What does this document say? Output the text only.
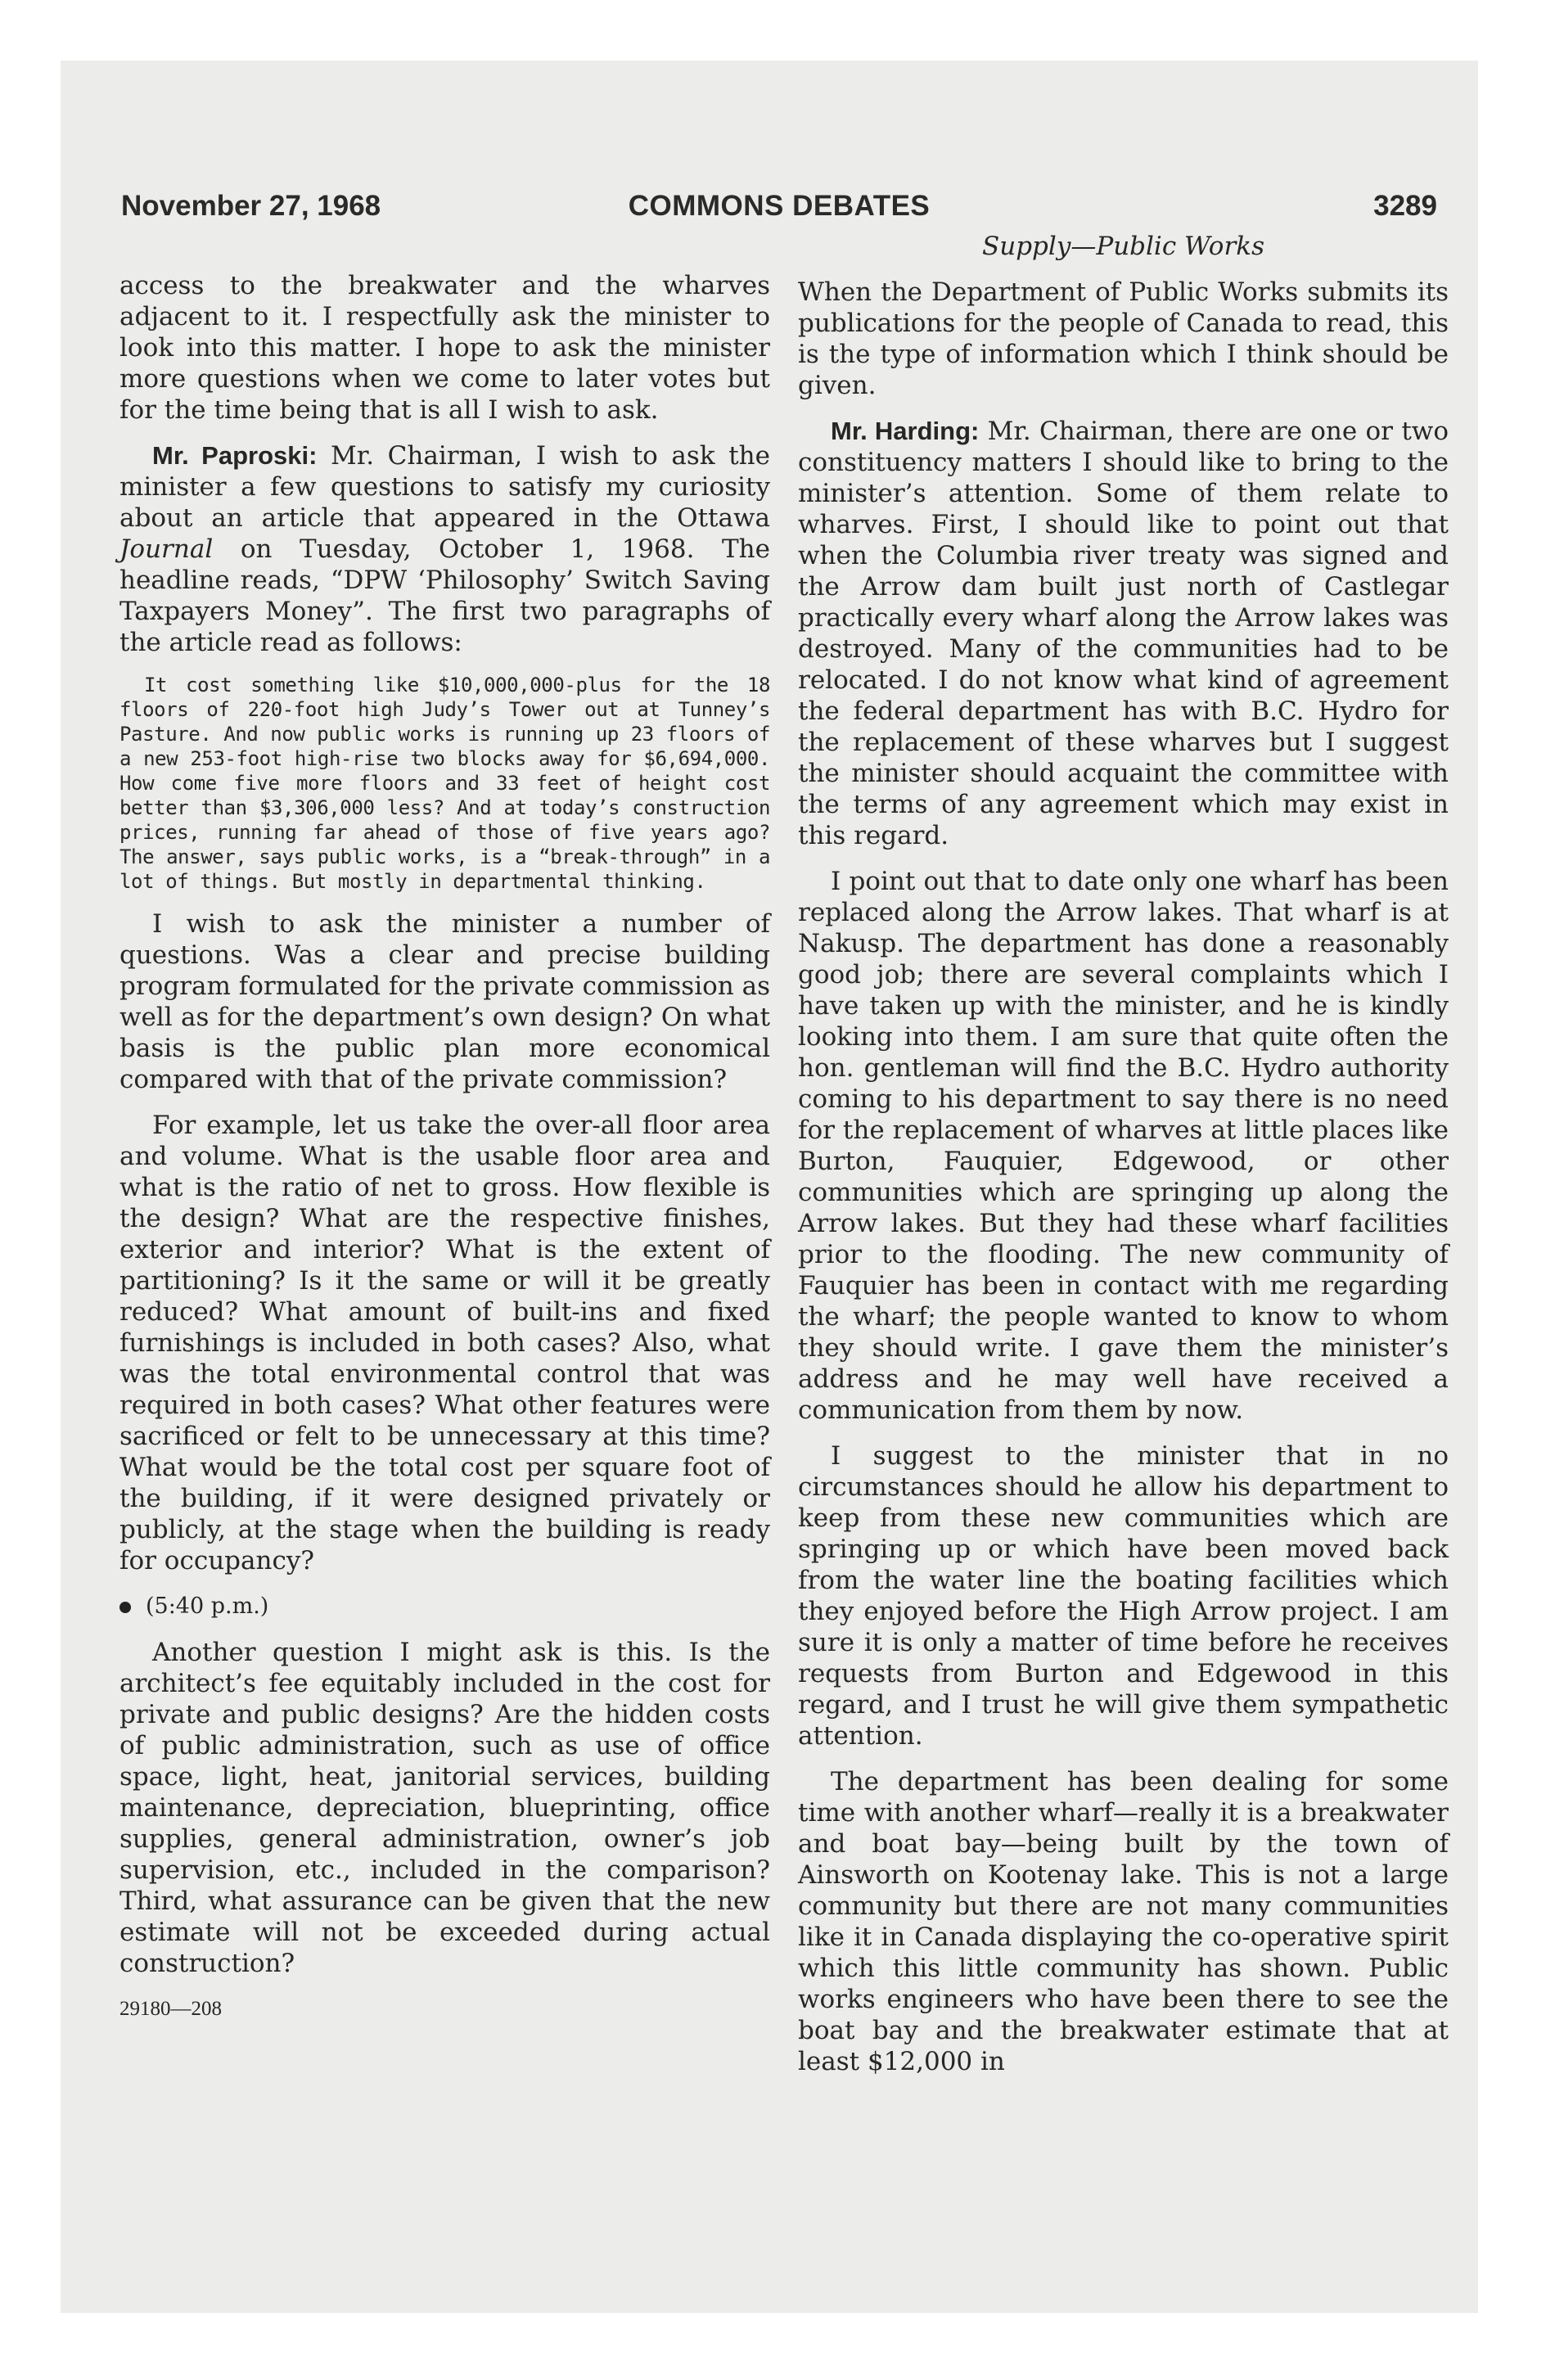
November 27, 1968	COMMONS DEBATES	3289

access to the breakwater and the wharves adjacent to it. I respectfully ask the minister to look into this matter. I hope to ask the minister more questions when we come to later votes but for the time being that is all I wish to ask.

Mr. Paproski: Mr. Chairman, I wish to ask the minister a few questions to satisfy my curiosity about an article that appeared in the Ottawa Journal on Tuesday, October 1, 1968. The headline reads, “DPW ‘Philosophy’ Switch Saving Taxpayers Money”. The first two paragraphs of the article read as follows:

It cost something like $10,000,000-plus for the 18 floors of 220-foot high Judy’s Tower out at Tunney’s Pasture. And now public works is running up 23 floors of a new 253-foot high-rise two blocks away for $6,694,000. How come five more floors and 33 feet of height cost better than $3,306,000 less? And at today’s construction prices, running far ahead of those of five years ago? The answer, says public works, is a “break-through” in a lot of things. But mostly in departmental thinking.

I wish to ask the minister a number of questions. Was a clear and precise building program formulated for the private commission as well as for the department’s own design? On what basis is the public plan more economical compared with that of the private commission?

For example, let us take the over-all floor area and volume. What is the usable floor area and what is the ratio of net to gross. How flexible is the design? What are the respective finishes, exterior and interior? What is the extent of partitioning? Is it the same or will it be greatly reduced? What amount of built-ins and fixed furnishings is included in both cases? Also, what was the total environmental control that was required in both cases? What other features were sacrificed or felt to be unnecessary at this time? What would be the total cost per square foot of the building, if it were designed privately or publicly, at the stage when the building is ready for occupancy?

(5:40 p.m.)

Another question I might ask is this. Is the architect’s fee equitably included in the cost for private and public designs? Are the hidden costs of public administration, such as use of office space, light, heat, janitorial services, building maintenance, depreciation, blueprinting, office supplies, general administration, owner’s job supervision, etc., included in the comparison? Third, what assurance can be given that the new estimate will not be exceeded during actual construction?

29180—208

Supply—Public Works

When the Department of Public Works submits its publications for the people of Canada to read, this is the type of information which I think should be given.

Mr. Harding: Mr. Chairman, there are one or two constituency matters I should like to bring to the minister’s attention. Some of them relate to wharves. First, I should like to point out that when the Columbia river treaty was signed and the Arrow dam built just north of Castlegar practically every wharf along the Arrow lakes was destroyed. Many of the communities had to be relocated. I do not know what kind of agreement the federal department has with B.C. Hydro for the replacement of these wharves but I suggest the minister should acquaint the committee with the terms of any agreement which may exist in this regard.

I point out that to date only one wharf has been replaced along the Arrow lakes. That wharf is at Nakusp. The department has done a reasonably good job; there are several complaints which I have taken up with the minister, and he is kindly looking into them. I am sure that quite often the hon. gentleman will find the B.C. Hydro authority coming to his department to say there is no need for the replacement of wharves at little places like Burton, Fauquier, Edgewood, or other communities which are springing up along the Arrow lakes. But they had these wharf facilities prior to the flooding. The new community of Fauquier has been in contact with me regarding the wharf; the people wanted to know to whom they should write. I gave them the minister’s address and he may well have received a communication from them by now.

I suggest to the minister that in no circumstances should he allow his department to keep from these new communities which are springing up or which have been moved back from the water line the boating facilities which they enjoyed before the High Arrow project. I am sure it is only a matter of time before he receives requests from Burton and Edgewood in this regard, and I trust he will give them sympathetic attention.

The department has been dealing for some time with another wharf—really it is a breakwater and boat bay—being built by the town of Ainsworth on Kootenay lake. This is not a large community but there are not many communities like it in Canada displaying the co-operative spirit which this little community has shown. Public works engineers who have been there to see the boat bay and the breakwater estimate that at least $12,000 in
